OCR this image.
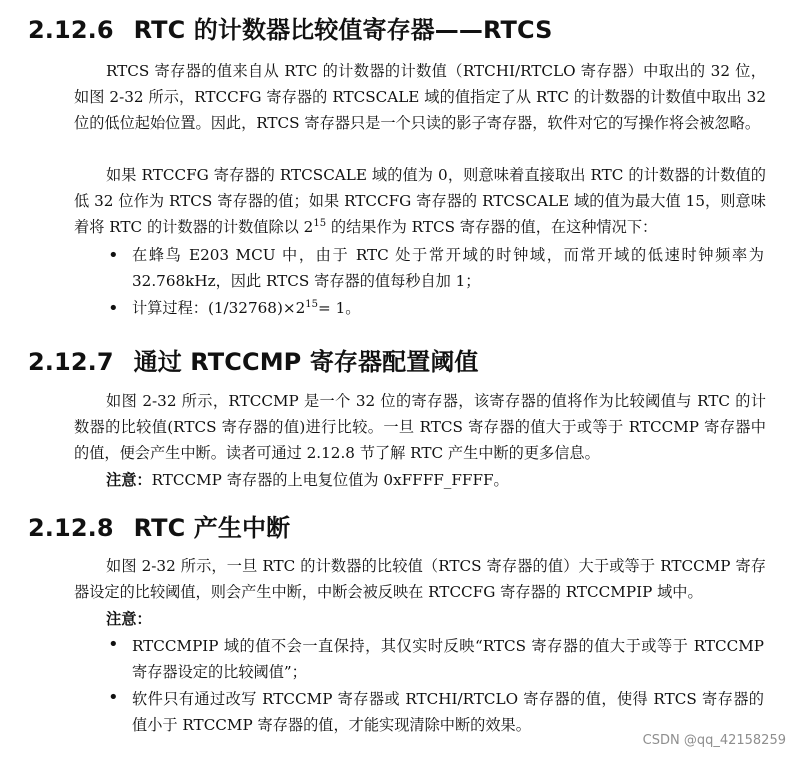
2.12.6 RTC 的计数器比较值寄存器——RTCS
RTCS 寄存器的值来自从 RTC 的计数器的计数值（RTCHI/RTCLO 寄存器）中取出的 32 位，如图 2-32 所示，RTCCFG 寄存器的 RTCSCALE 域的值指定了从 RTC 的计数器的计数值中取出 32 位的低位起始位置。因此，RTCS 寄存器只是一个只读的影子寄存器，软件对它的写操作将会被忽略。
如果 RTCCFG 寄存器的 RTCSCALE 域的值为 0，则意味着直接取出 RTC 的计数器的计数值的低 32 位作为 RTCS 寄存器的值；如果 RTCCFG 寄存器的 RTCSCALE 域的值为最大值 15，则意味着将 RTC 的计数器的计数值除以 $2^{15}$ 的结果作为 RTCS 寄存器的值，在这种情况下：
• 在蜂鸟 E203 MCU 中，由于 RTC 处于常开域的时钟域，而常开域的低速时钟频率为 32.768kHz，因此 RTCS 寄存器的值每秒自加 1；
• 计算过程：$(1/32768)\times 2^{15}= 1$。
2.12.7 通过 RTCCMP 寄存器配置阈值
如图 2-32 所示，RTCCMP 是一个 32 位的寄存器，该寄存器的值将作为比较阈值与 RTC 的计数器的比较值(RTCS 寄存器的值)进行比较。一旦 RTCS 寄存器的值大于或等于 RTCCMP 寄存器中的值，便会产生中断。读者可通过 2.12.8 节了解 RTC 产生中断的更多信息。
注意：RTCCMP 寄存器的上电复位值为 0xFFFF_FFFF。
2.12.8 RTC 产生中断
如图 2-32 所示，一旦 RTC 的计数器的比较值（RTCS 寄存器的值）大于或等于 RTCCMP 寄存器设定的比较阈值，则会产生中断，中断会被反映在 RTCCFG 寄存器的 RTCCMPIP 域中。
注意：
• RTCCMPIP 域的值不会一直保持，其仅实时反映“RTCS 寄存器的值大于或等于 RTCCMP 寄存器设定的比较阈值”；
• 软件只有通过改写 RTCCMP 寄存器或 RTCHI/RTCLO 寄存器的值，使得 RTCS 寄存器的值小于 RTCCMP 寄存器的值，才能实现清除中断的效果。
CSDN @qq_42158259
